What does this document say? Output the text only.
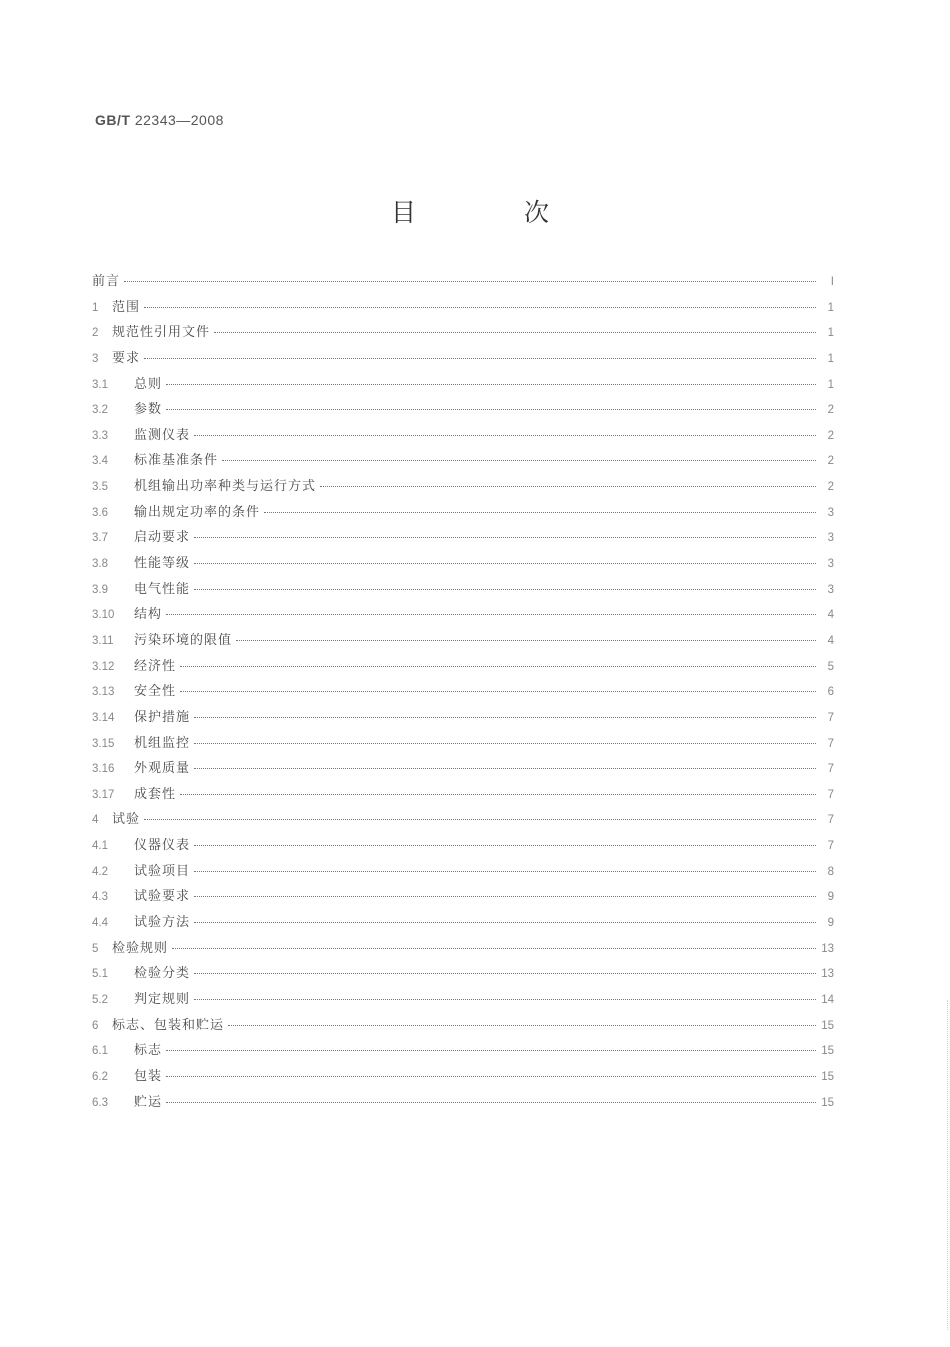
GB/T 22343—2008
目 次
前言	I
1	范围	1
2	规范性引用文件	1
3	要求	1
3.1	总则	1
3.2	参数	2
3.3	监测仪表	2
3.4	标准基准条件	2
3.5	机组输出功率种类与运行方式	2
3.6	输出规定功率的条件	3
3.7	启动要求	3
3.8	性能等级	3
3.9	电气性能	3
3.10	结构	4
3.11	污染环境的限值	4
3.12	经济性	5
3.13	安全性	6
3.14	保护措施	7
3.15	机组监控	7
3.16	外观质量	7
3.17	成套性	7
4	试验	7
4.1	仪器仪表	7
4.2	试验项目	8
4.3	试验要求	9
4.4	试验方法	9
5	检验规则	13
5.1	检验分类	13
5.2	判定规则	14
6	标志、包装和贮运	15
6.1	标志	15
6.2	包装	15
6.3	贮运	15
